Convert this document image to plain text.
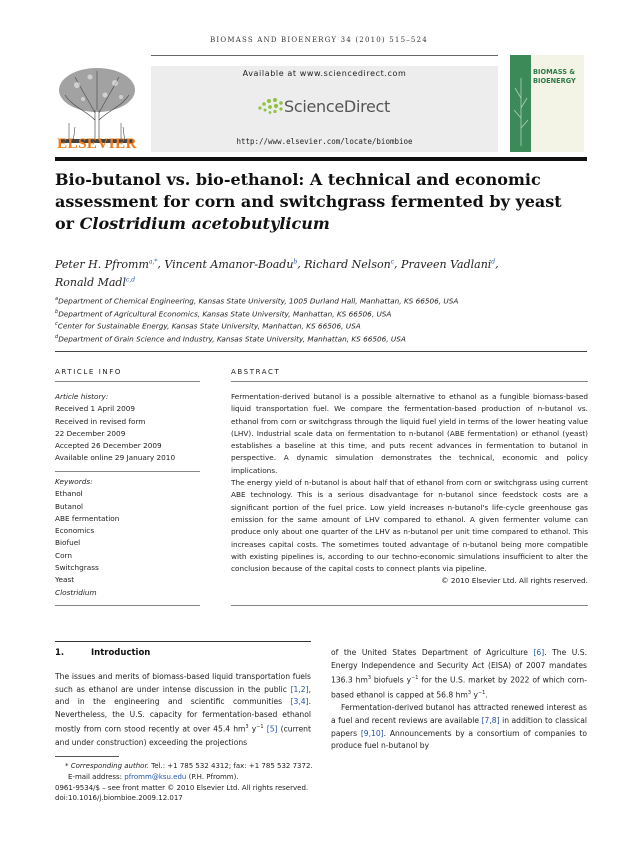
BIOMASS AND BIOENERGY 34 (2010) 515–524
ELSEVIER
Available at www.sciencedirect.com
ScienceDirect
http://www.elsevier.com/locate/biombioe
BIOMASS &
BIOENERGY
Bio-butanol vs. bio-ethanol: A technical and economic
assessment for corn and switchgrass fermented by yeast
or Clostridium acetobutylicum
Peter H. Pfromm$^{a,*}$, Vincent Amanor-Boadu$^b$, Richard Nelson$^c$, Praveen Vadlani$^d$,
Ronald Madl$^{c,d}$
$^a$Department of Chemical Engineering, Kansas State University, 1005 Durland Hall, Manhattan, KS 66506, USA
$^b$Department of Agricultural Economics, Kansas State University, Manhattan, KS 66506, USA
$^c$Center for Sustainable Energy, Kansas State University, Manhattan, KS 66506, USA
$^d$Department of Grain Science and Industry, Kansas State University, Manhattan, KS 66506, USA
ARTICLE INFO
Article history:
Received 1 April 2009
Received in revised form
22 December 2009
Accepted 26 December 2009
Available online 29 January 2010
Keywords:
Ethanol
Butanol
ABE fermentation
Economics
Biofuel
Corn
Switchgrass
Yeast
Clostridium
ABSTRACT

Fermentation-derived butanol is a possible alternative to ethanol as a fungible biomass-based liquid transportation fuel. We compare the fermentation-based production of n-butanol vs. ethanol from corn or switchgrass through the liquid fuel yield in terms of the lower heating value (LHV). Industrial scale data on fermentation to n-butanol (ABE fermentation) or ethanol (yeast) establishes a baseline at this time, and puts recent advances in fermentation to butanol in perspective. A dynamic simulation demonstrates the technical, economic and policy implications.

The energy yield of n-butanol is about half that of ethanol from corn or switchgrass using current ABE technology. This is a serious disadvantage for n-butanol since feedstock costs are a significant portion of the fuel price. Low yield increases n-butanol's life-cycle greenhouse gas emission for the same amount of LHV compared to ethanol. A given fermenter volume can produce only about one quarter of the LHV as n-butanol per unit time compared to ethanol. This increases capital costs. The sometimes touted advantage of n-butanol being more compatible with existing pipelines is, according to our techno-economic simulations insufficient to alter the conclusion because of the capital costs to connect plants via pipeline.

© 2010 Elsevier Ltd. All rights reserved.

1.	Introduction

The issues and merits of biomass-based liquid transportation fuels such as ethanol are under intense discussion in the public [1,2], and in the engineering and scientific communities [3,4]. Nevertheless, the U.S. capacity for fermentation-based ethanol mostly from corn stood recently at over 45.4 $hm^3$ $y^{-1}$ [5] (current and under construction) exceeding the projections

of the United States Department of Agriculture [6]. The U.S. Energy Independence and Security Act (EISA) of 2007 mandates 136.3 $hm^3$ biofuels $y^{-1}$ for the U.S. market by 2022 of which corn-based ethanol is capped at 56.8 $hm^3$ $y^{-1}$.

Fermentation-derived butanol has attracted renewed interest as a fuel and recent reviews are available [7,8] in addition to classical papers [9,10]. Announcements by a consortium of companies to produce fuel n-butanol by

* Corresponding author. Tel.: +1 785 532 4312; fax: +1 785 532 7372.
E-mail address: pfromm@ksu.edu (P.H. Pfromm).
0961-9534/$ – see front matter © 2010 Elsevier Ltd. All rights reserved.
doi:10.1016/j.biombioe.2009.12.017
